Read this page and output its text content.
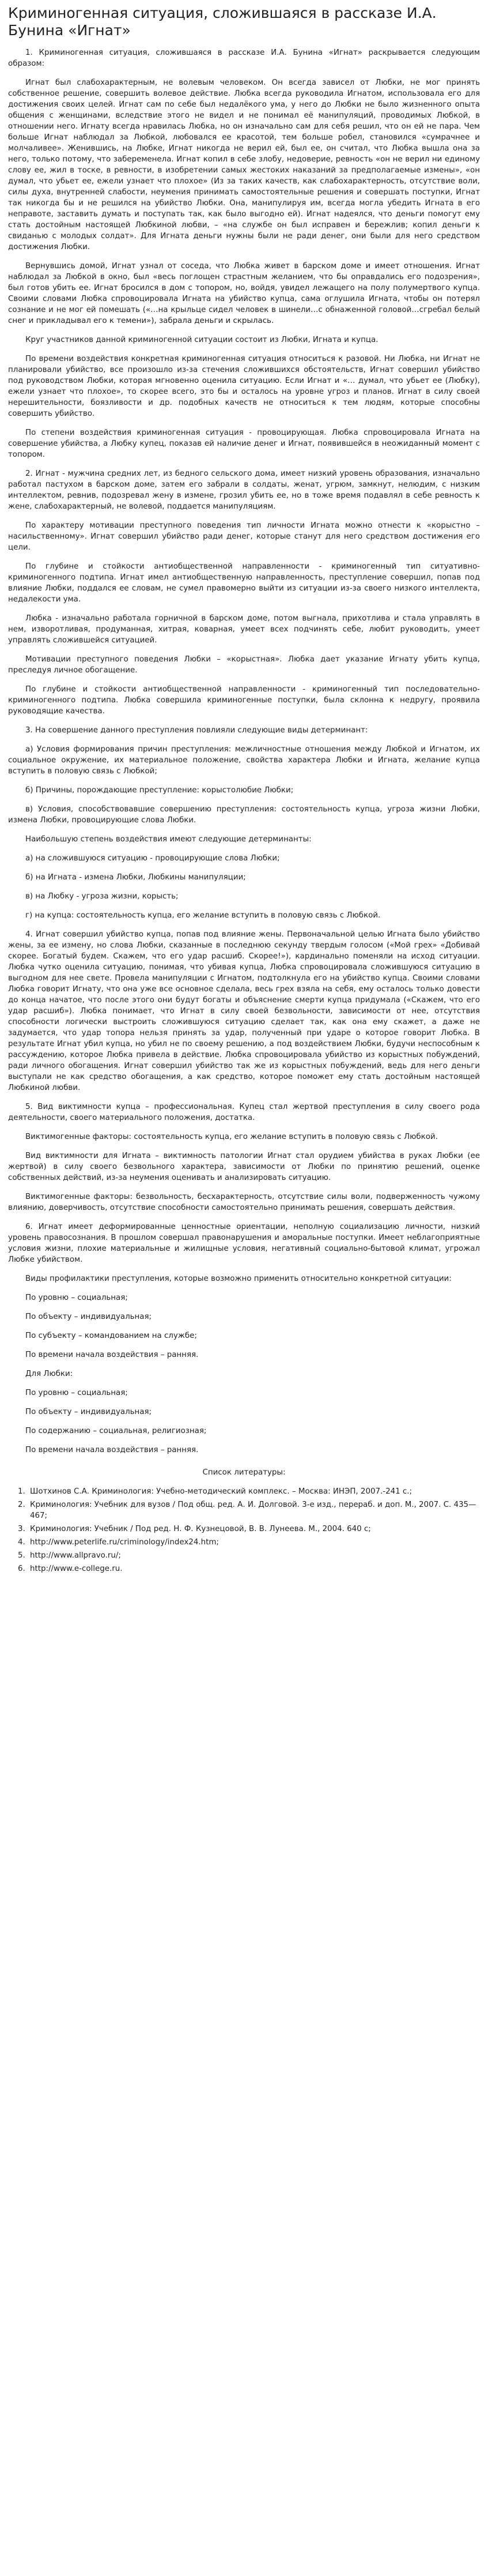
Криминогенная ситуация, сложившаяся в рассказе И.А. Бунина «Игнат»

1. Криминогенная ситуация, сложившаяся в рассказе И.А. Бунина «Игнат» раскрывается следующим образом:

Игнат был слабохарактерным, не волевым человеком. Он всегда зависел от Любки, не мог принять собственное решение, совершить волевое действие. Любка всегда руководила Игнатом, использовала его для достижения своих целей. Игнат сам по себе был недалёкого ума, у него до Любки не было жизненного опыта общения с женщинами, вследствие этого не видел и не понимал её манипуляций, проводимых Любкой, в отношении него. Игнату всегда нравилась Любка, но он изначально сам для себя решил, что он ей не пара. Чем больше Игнат наблюдал за Любкой, любовался ее красотой, тем больше робел, становился «сумрачнее и молчаливее». Женившись, на Любке, Игнат никогда не верил ей, был ее, он считал, что Любка вышла она за него, только потому, что забеременела. Игнат копил в себе злобу, недоверие, ревность «он не верил ни единому слову ее, жил в тоске, в ревности, в изобретении самых жестоких наказаний за предполагаемые измены», «он думал, что убьет ее, ежели узнает что плохое» (Из за таких качеств, как слабохарактерность, отсутствие воли, силы духа, внутренней слабости, неумения принимать самостоятельные решения и совершать поступки, Игнат так никогда бы и не решился на убийство Любки. Она, манипулируя им, всегда могла убедить Игната в его неправоте, заставить думать и поступать так, как было выгодно ей). Игнат надеялся, что деньги помогут ему стать достойным настоящей Любкиной любви, – «на службе он был исправен и бережлив; копил деньги к свиданью с молодых солдат». Для Игната деньги нужны были не ради денег, они были для него средством достижения Любки.

Вернувшись домой, Игнат узнал от соседа, что Любка живет в барском доме и имеет отношения. Игнат наблюдал за Любкой в окно, был «весь поглощен страстным желанием, что бы оправдались его подозрения», был готов убить ее. Игнат бросился в дом с топором, но, войдя, увидел лежащего на полу полумертвого купца. Своими словами Любка спровоцировала Игната на убийство купца, сама оглушила Игната, чтобы он потерял сознание и не мог ей помешать («…на крыльце сидел человек в шинели…с обнаженной головой…сгребал белый снег и прикладывал его к темени»), забрала деньги и скрылась.

Круг участников данной криминогенной ситуации состоит из Любки, Игната и купца.

По времени воздействия конкретная криминогенная ситуация относиться к разовой. Ни Любка, ни Игнат не планировали убийство, все произошло из-за стечения сложившихся обстоятельств, Игнат совершил убийство под руководством Любки, которая мгновенно оценила ситуацию. Если Игнат и «… думал, что убьет ее (Любку), ежели узнает что плохое», то скорее всего, это бы и осталось на уровне угроз и планов. Игнат в силу своей нерешительности, боязливости и др. подобных качеств не относиться к тем людям, которые способны совершить убийство.

По степени воздействия криминогенная ситуация - провоцирующая. Любка спровоцировала Игната на совершение убийства, а Любку купец, показав ей наличие денег и Игнат, появившейся в неожиданный момент с топором.

2. Игнат - мужчина средних лет, из бедного сельского дома, имеет низкий уровень образования, изначально работал пастухом в барском доме, затем его забрали в солдаты, женат, угрюм, замкнут, нелюдим, с низким интеллектом, ревнив, подозревал жену в измене, грозил убить ее, но в тоже время подавлял в себе ревность к жене, слабохарактерный, не волевой, поддается манипуляциям.

По характеру мотивации преступного поведения тип личности Игната можно отнести к «корыстно – насильственному». Игнат совершил убийство ради денег, которые станут для него средством достижения его цели.

По глубине и стойкости антиобщественной направленности - криминогенный тип ситуативно-криминогенного подтипа. Игнат имел антиобщественную направленность, преступление совершил, попав под влияние Любки, поддался ее словам, не сумел правомерно выйти из ситуации из-за своего низкого интеллекта, недалекости ума.

Любка - изначально работала горничной в барском доме, потом выгнала, прихотлива и стала управлять в нем, изворотливая, продуманная, хитрая, коварная, умеет всех подчинять себе, любит руководить, умеет управлять сложившейся ситуацией.

Мотивации преступного поведения Любки – «корыстная». Любка дает указание Игнату убить купца, преследуя личное обогащение.

По глубине и стойкости антиобщественной направленности - криминогенный тип последовательно-криминогенного подтипа. Любка совершила криминогенные поступки, была склонна к недругу, проявила руководящие качества.

3. На совершение данного преступления повлияли следующие виды детерминант:

а) Условия формирования причин преступления: межличностные отношения между Любкой и Игнатом, их социальное окружение, их материальное положение, свойства характера Любки и Игната, желание купца вступить в половую связь с Любкой;

б) Причины, порождающие преступление: корыстолюбие Любки;

в) Условия, способствовавшие совершению преступления: состоятельность купца, угроза жизни Любки, измена Любки, провоцирующие слова Любки.

Наибольшую степень воздействия имеют следующие детерминанты:

а) на сложившуюся ситуацию - провоцирующие слова Любки;

б) на Игната - измена Любки, Любкины манипуляции;

в) на Любку - угроза жизни, корысть;

г) на купца: состоятельность купца, его желание вступить в половую связь с Любкой.

4. Игнат совершил убийство купца, попав под влияние жены. Первоначальной целью Игната было убийство жены, за ее измену, но слова Любки, сказанные в последнюю секунду твердым голосом («Мой грех» «Добивай скорее. Богатый будем. Скажем, что его удар расшиб. Скорее!»), кардинально поменяли на исход ситуации. Любка чутко оценила ситуацию, понимая, что убивая купца, Любка спровоцировала сложившуюся ситуацию в выгодном для нее свете. Провела манипуляции с Игнатом, подтолкнула его на убийство купца. Своими словами Любка говорит Игнату, что она уже все основное сделала, весь грех взяла на себя, ему осталось только довести до конца начатое, что после этого они будут богаты и объяснение смерти купца придумала («Скажем, что его удар расшиб»). Любка понимает, что Игнат в силу своей безвольности, зависимости от нее, отсутствия способности логически выстроить сложившуюся ситуацию сделает так, как она ему скажет, а даже не задумается, что удар топора нельзя принять за удар, полученный при ударе о которое говорит Любка. В результате Игнат убил купца, но убил не по своему решению, а под воздействием Любки, будучи неспособным к рассуждению, которое Любка привела в действие. Любка спровоцировала убийство из корыстных побуждений, ради личного обогащения. Игнат совершил убийство так же из корыстных побуждений, ведь для него деньги выступали не как средство обогащения, а как средство, которое поможет ему стать достойным настоящей Любкиной любви.

5. Вид виктимности купца – профессиональная. Купец стал жертвой преступления в силу своего рода деятельности, своего материального положения, достатка.

Виктимогенные факторы: состоятельность купца, его желание вступить в половую связь с Любкой.

Вид виктимности для Игната – виктимность патологии Игнат стал орудием убийства в руках Любки (ее жертвой) в силу своего безвольного характера, зависимости от Любки по принятию решений, оценке собственных действий, из-за неумения оценивать и анализировать ситуацию.

Виктимогенные факторы: безвольность, бесхарактерность, отсутствие силы воли, подверженность чужому влиянию, доверчивость, отсутствие способности самостоятельно принимать решения, совершать действия.

6. Игнат имеет деформированные ценностные ориентации, неполную социализацию личности, низкий уровень правосознания. В прошлом совершал правонарушения и аморальные поступки. Имеет неблагоприятные условия жизни, плохие материальные и жилищные условия, негативный социально-бытовой климат, угрожал Любке убийством.

Виды профилактики преступления, которые возможно применить относительно конкретной ситуации:

По уровню – социальная;

По объекту – индивидуальная;

По субъекту – командованием на службе;

По времени начала воздействия – ранняя.

Для Любки:

По уровню – социальная;

По объекту – индивидуальная;

По содержанию – социальная, религиозная;

По времени начала воздействия – ранняя.

Список литературы:

1. Шотхинов С.А. Криминология: Учебно-методический комплекс. – Москва: ИНЭП, 2007.-241 с.;
2. Криминология: Учебник для вузов / Под общ. ред. А. И. Долговой. 3-е изд., перераб. и доп. М., 2007. С. 435—467;
3. Криминология: Учебник / Под ред. Н. Ф. Кузнецовой, В. В. Лунеева. М., 2004. 640 с;
4. http://www.peterlife.ru/criminology/index24.htm;
5. http://www.allpravo.ru/;
6. http://www.e-college.ru.
